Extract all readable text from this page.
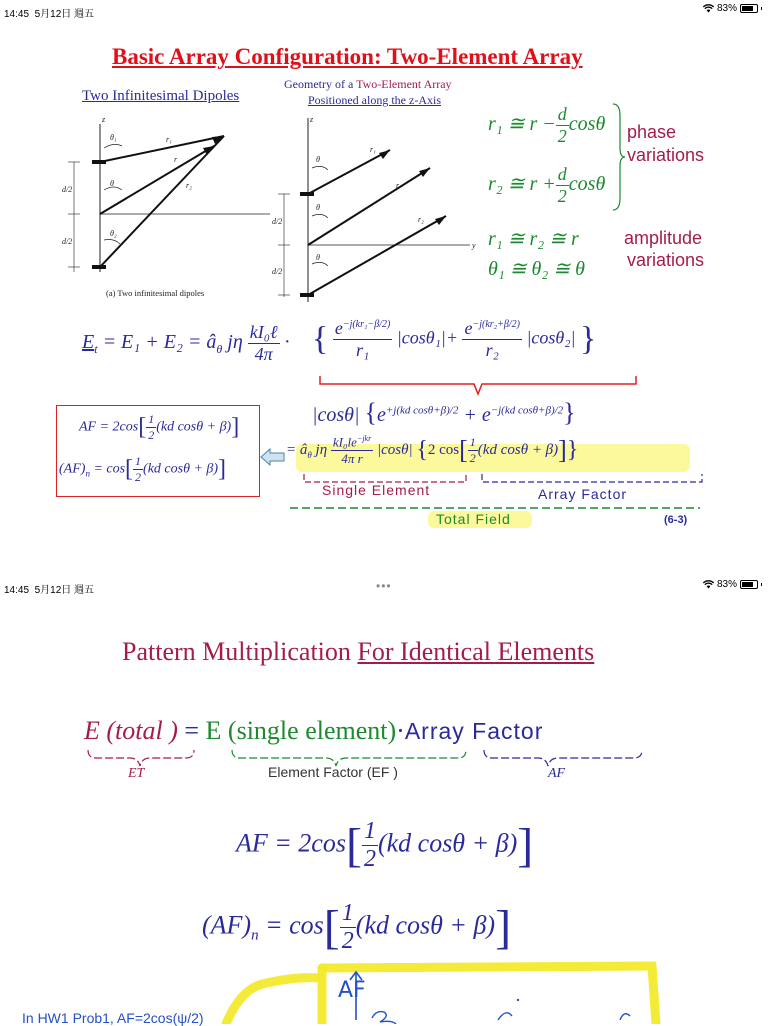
14:45 5月12日 週五
83%
Basic Array Configuration: Two-Element Array
Two Infinitesimal Dipoles
Geometry of a Two-Element Array
Positioned along the z-Axis
z
θ₁
θ
θ₂
r₁
r
r₂
d/2
d/2
(a) Two infinitesimal dipoles
z
y
θ
θ
θ
r₁
r
r₂
d/2
d/2
r₁ ≅ $r - \frac{d}{2}$ cosθ
r₂ ≅ $r + \frac{d}{2}$ cosθ
phase
variations
r₁ ≅ r₂ ≅ r
θ₁ ≅ θ₂ ≅ θ
amplitude
variations
$E_t = E_1 + E_2$ = $â_\theta$ jη $\frac{\text{kI₀ℓ}}{4\pi}$ · { $\frac{e^{-j(kr_1-\beta/2)}}{\text{r₁}} |\cos\theta_1|+ \frac{e^{-j(kr_2+\beta/2)}}{\text{r₂}} |\cos\theta_2|$ }
|cosθ| $\{e^{+j(kd cos\theta+\beta)/2} + e^{-j(kd cos\theta+\beta)/2}\}$
AF = $2\cos[ \frac{1}{2} (kd$ cosθ + β)]
$(AF)_n = \cos[ \frac{1}{2} (kd$ cosθ + β)]
= $â_\theta$ jη $\frac{kI_0le^{-jkr}}{\text{4π r}} |\cos\theta|$ {2 $\cos[ \frac{1}{2} (kd$ cosθ + β)]}
Single Element	Array Factor
Total Field	(6-3)
14:45 5月12日 週五	•••	83%
Pattern Multiplication For Identical Elements
E (total ) = E (single element)·Array Factor
ET	Element Factor (EF )	AF
AF = $2\cos[ \frac{1}{2} (kd$ cosθ + β)]
$(AF)_n = \cos[ \frac{1}{2} (kd$ cosθ + β)]
AF
In HW1 Prob1, AF=2cos(ψ/2)
